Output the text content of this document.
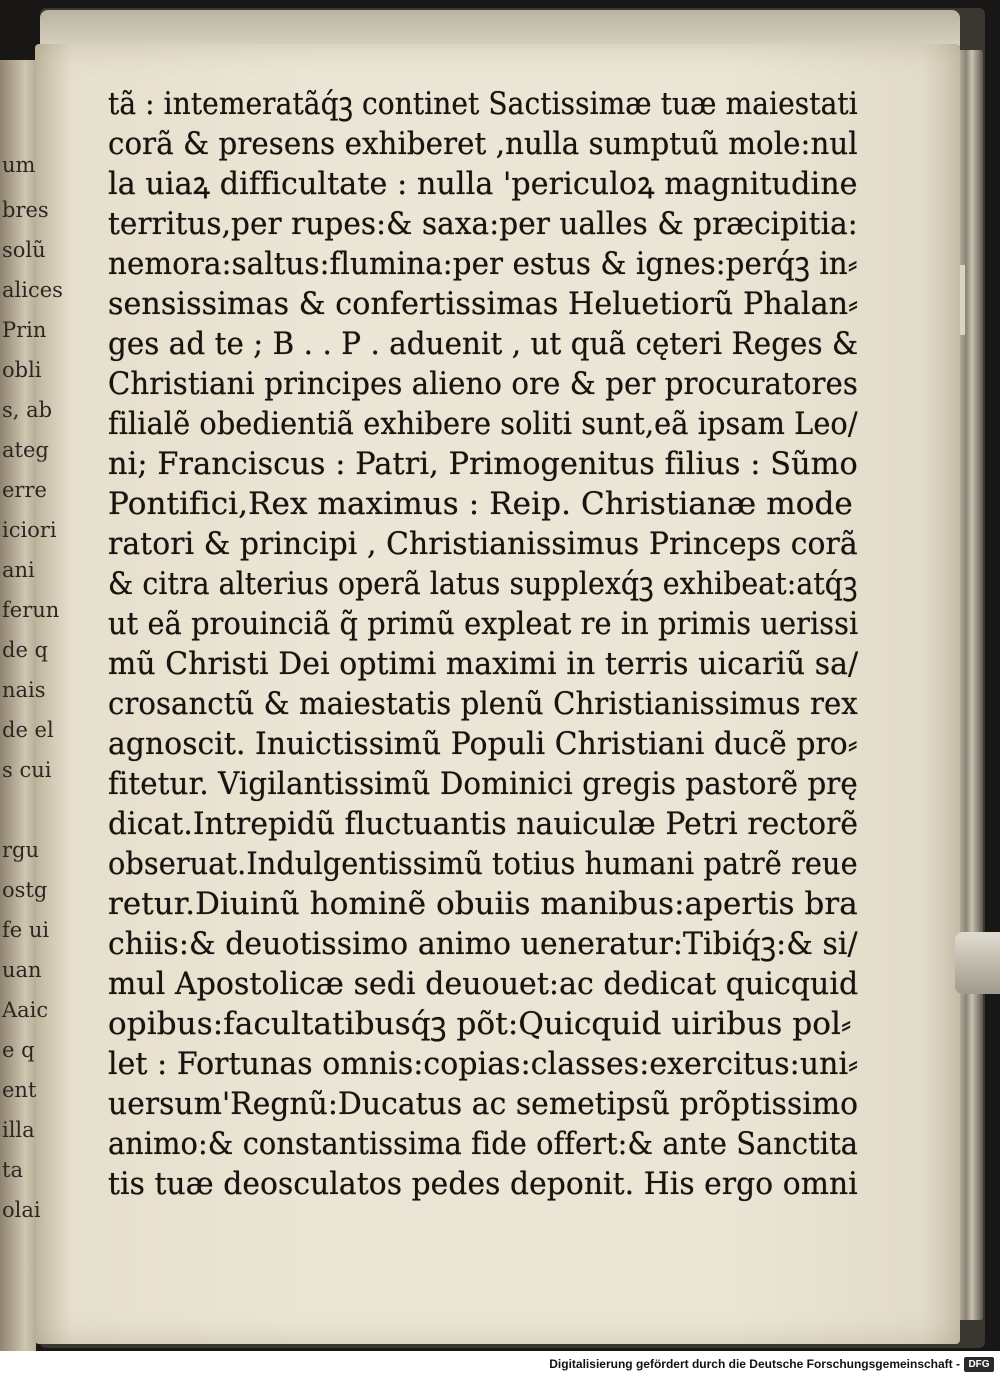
um
bres
solũ
alices
Prin
obli
s, ab
ateg
erre
iciori
ani
ferun
de q
nais
de el
s cui
rgu
ostg
fe ui
uan
Aaic
e q
ent
illa
ta
olai
tã : intemeratãq́ꝫ continet Sactissimæ tuæ maiestati
corã & presens exhiberet ,nulla sumptuũ mole:nul
la uiaꝝ difficultate : nulla 'periculoꝝ magnitudine
territus,per rupes:& saxa:per ualles & præcipitia:
nemora:saltus:flumina:per estus & ignes:perq́ꝫ in⸗
sensissimas & confertissimas Heluetiorũ Phalan⸗
ges ad te ; B . . P . aduenit , ut quã cęteri Reges &
Christiani principes alieno ore & per procuratores
filialẽ obedientiã exhibere soliti sunt,eã ipsam Leo/
ni; Franciscus : Patri, Primogenitus filius : Sũmo
Pontifici,Rex maximus : Reip. Christianæ mode
ratori & principi , Christianissimus Princeps corã
& citra alterius operã latus supplexq́ꝫ exhibeat:atq́ꝫ
ut eã prouinciã q̃ primũ expleat re in primis uerissi
mũ Christi Dei optimi maximi in terris uicariũ sa/
crosanctũ & maiestatis plenũ Christianissimus rex
agnoscit. Inuictissimũ Populi Christiani ducẽ pro⸗
fitetur. Vigilantissimũ Dominici gregis pastorẽ prę
dicat.Intrepidũ fluctuantis nauiculæ Petri rectorẽ
obseruat.Indulgentissimũ totius humani patrẽ reue
retur.Diuinũ hominẽ obuiis manibus:apertis bra
chiis:& deuotissimo animo ueneratur:Tibiq́ꝫ:& si/
mul Apostolicæ sedi deuouet:ac dedicat quicquid
opibus:facultatibusq́ꝫ põt:Quicquid uiribus pol⸗
let : Fortunas omnis:copias:classes:exercitus:uni⸗
uersum'Regnũ:Ducatus ac semetipsũ prõptissimo
animo:& constantissima fide offert:& ante Sanctita
tis tuæ deosculatos pedes deponit. His ergo omni
Digitalisierung gefördert durch die Deutsche Forschungsgemeinschaft - DFG
